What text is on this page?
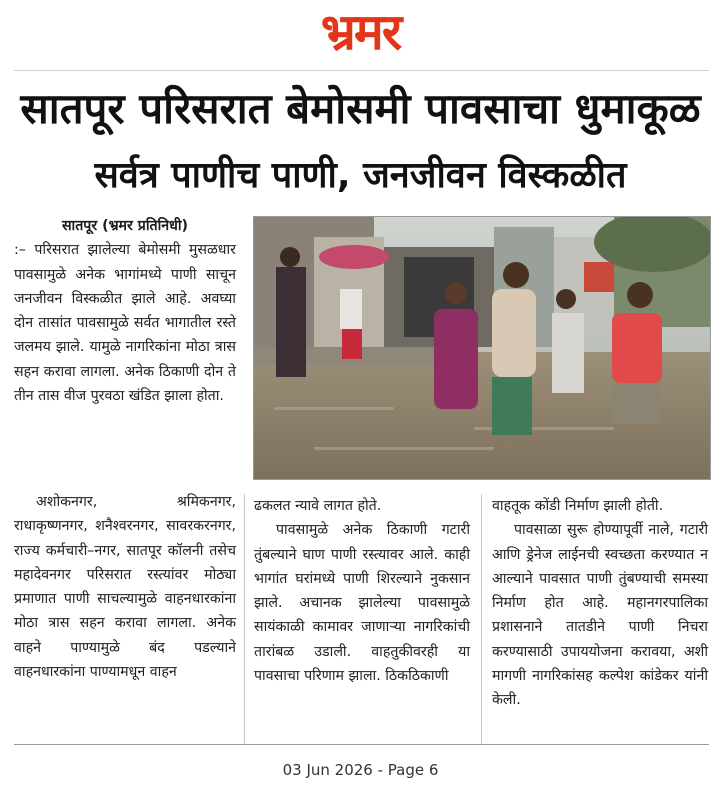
भ्रमर
सातपूर परिसरात बेमोसमी पावसाचा धुमाकूळ
सर्वत्र पाणीच पाणी, जनजीवन विस्कळीत
सातपूर (भ्रमर प्रतिनिधी)

:– परिसरात झालेल्या बेमोसमी मुसळधार पावसामुळे अनेक भागांमध्ये पाणी साचून जनजीवन विस्कळीत झाले आहे. अवघ्या दोन तासांत पावसामुळे सर्वत भागातील रस्ते जलमय झाले. यामुळे नागरिकांना मोठा त्रास सहन करावा लागला. अनेक ठिकाणी दोन ते तीन तास वीज पुरवठा खंडित झाला होता.

अशोकनगर, श्रमिकनगर, राधाकृष्णनगर, शनैश्वरनगर, सावरकरनगर, राज्य कर्मचारी–नगर, सातपूर कॉलनी तसेच महादेवनगर परिसरात रस्त्यांवर मोठ्या प्रमाणात पाणी साचल्यामुळे वाहनधारकांना मोठा त्रास सहन करावा लागला. अनेक वाहने पाण्यामुळे बंद पडल्याने वाहनधारकांना पाण्यामधून वाहन

ढकलत न्यावे लागत होते.

पावसामुळे अनेक ठिकाणी गटारी तुंबल्याने घाण पाणी रस्त्यावर आले. काही भागांत घरांमध्ये पाणी शिरल्याने नुकसान झाले. अचानक झालेल्या पावसामुळे सायंकाळी कामावर जाणाऱ्या नागरिकांची तारांबळ उडाली. वाहतुकीवरही या पावसाचा परिणाम झाला. ठिकठिकाणी

वाहतूक कोंडी निर्माण झाली होती.

पावसाळा सुरू होण्यापूर्वी नाले, गटारी आणि ड्रेनेज लाईनची स्वच्छता करण्यात न आल्याने पावसात पाणी तुंबण्याची समस्या निर्माण होत आहे. महानगरपालिका प्रशासनाने तातडीने पाणी निचरा करण्यासाठी उपाययोजना करावया, अशी मागणी नागरिकांसह कल्पेश कांडेकर यांनी केली.

03 Jun 2026 - Page 6
